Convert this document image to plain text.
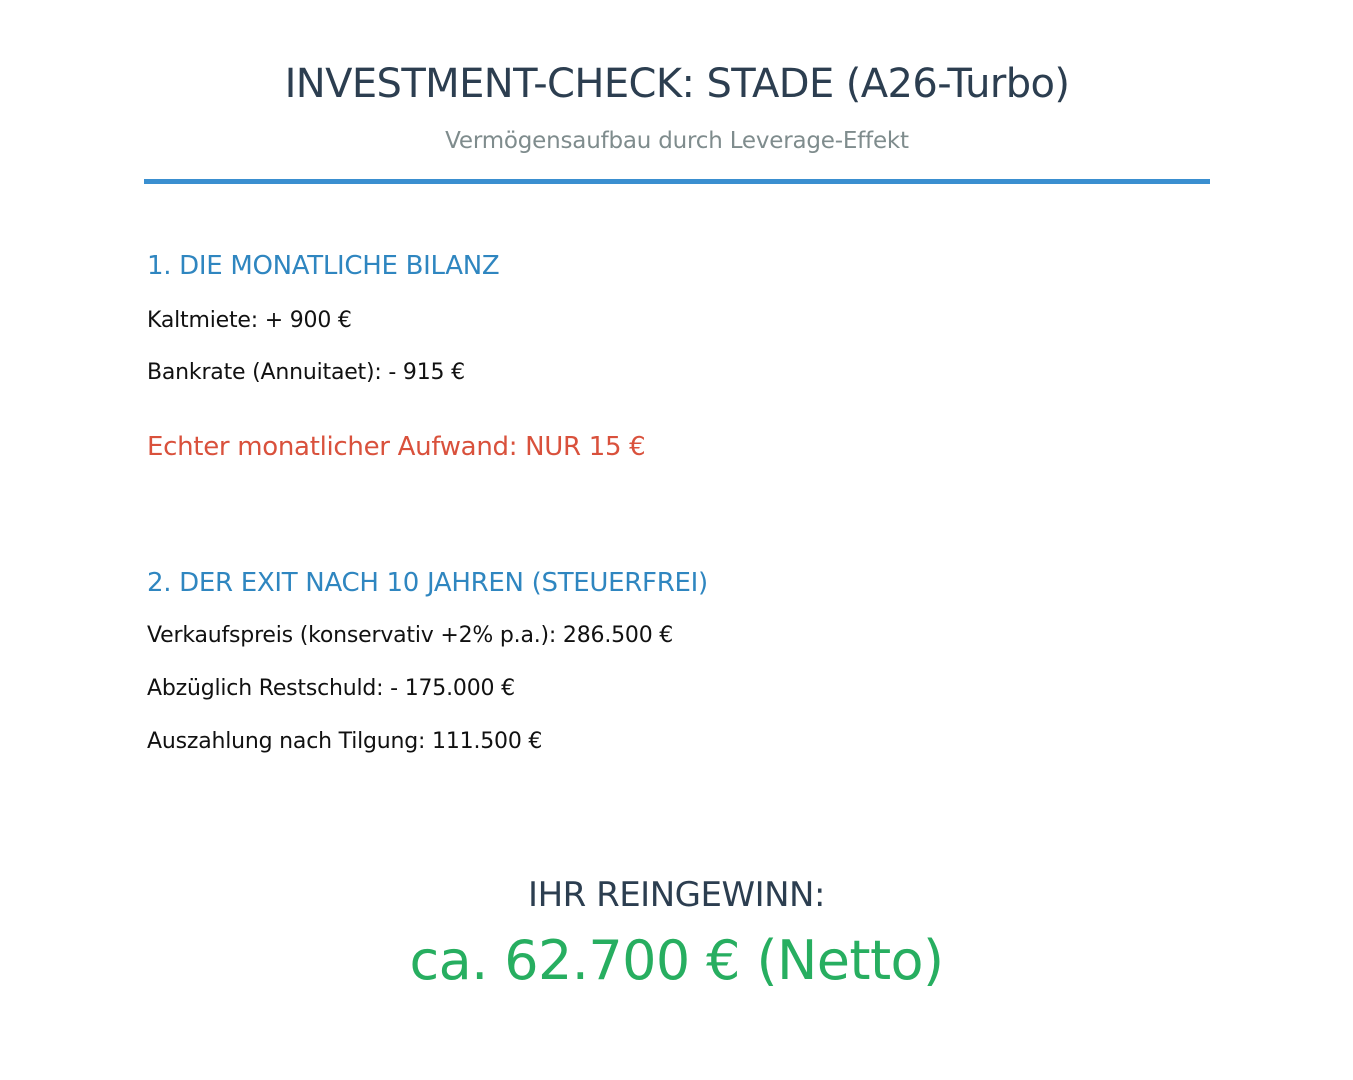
INVESTMENT-CHECK: STADE (A26-Turbo)
Vermögensaufbau durch Leverage-Effekt
1. DIE MONATLICHE BILANZ
Kaltmiete: + 900 €
Bankrate (Annuitaet): - 915 €
Echter monatlicher Aufwand: NUR 15 €
2. DER EXIT NACH 10 JAHREN (STEUERFREI)
Verkaufspreis (konservativ +2% p.a.): 286.500 €
Abzüglich Restschuld: - 175.000 €
Auszahlung nach Tilgung: 111.500 €
IHR REINGEWINN:
ca. 62.700 € (Netto)
